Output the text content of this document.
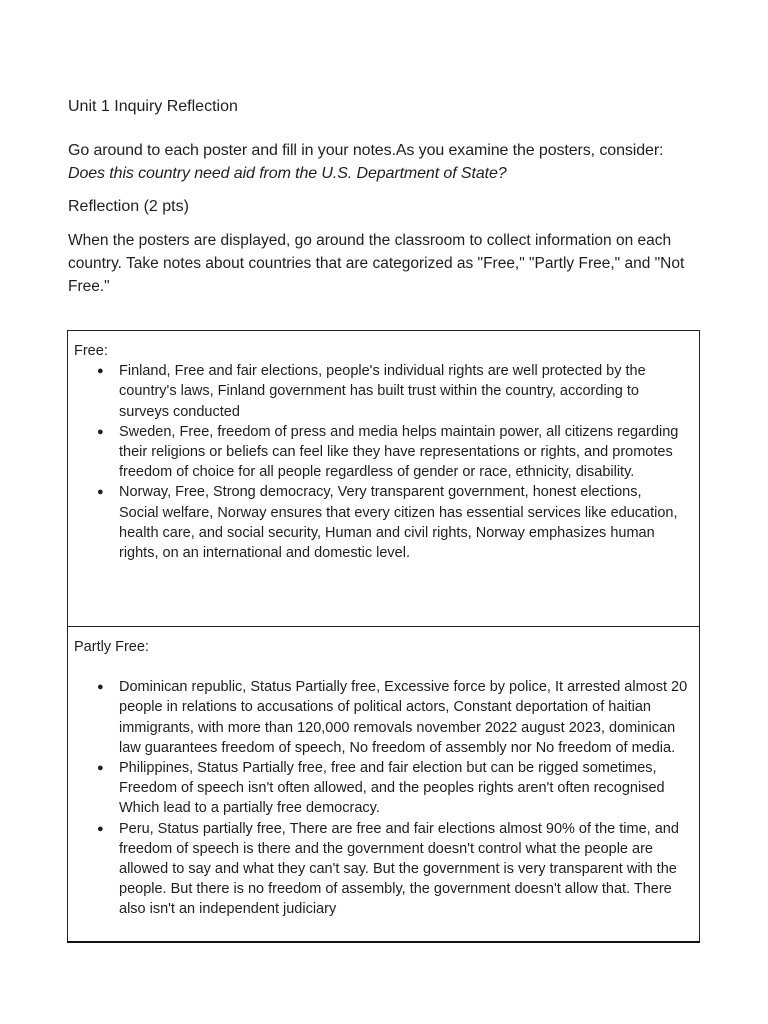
Unit 1 Inquiry Reflection
Go around to each poster and fill in your notes.As you examine the posters, consider:
Does this country need aid from the U.S. Department of State?
Reflection (2 pts)
When the posters are displayed, go around the classroom to collect information on each country. Take notes about countries that are categorized as "Free," "Partly Free," and "Not Free."
Free:
● Finland, Free and fair elections, people's individual rights are well protected by the country's laws, Finland government has built trust within the country, according to surveys conducted
● Sweden, Free, freedom of press and media helps maintain power, all citizens regarding their religions or beliefs can feel like they have representations or rights, and promotes freedom of choice for all people regardless of gender or race, ethnicity, disability.
● Norway, Free, Strong democracy, Very transparent government, honest elections,
Social welfare, Norway ensures that every citizen has essential services like education, health care, and social security, Human and civil rights, Norway emphasizes human rights, on an international and domestic level.

Partly Free:
● Dominican republic, Status Partially free, Excessive force by police, It arrested almost 20 people in relations to accusations of political actors, Constant deportation of haitian immigrants, with more than 120,000 removals november 2022 august 2023, dominican law guarantees freedom of speech, No freedom of assembly nor No freedom of media.
● Philippines, Status Partially free, free and fair election but can be rigged sometimes, Freedom of speech isn't often allowed, and the peoples rights aren't often recognised Which lead to a partially free democracy.
● Peru, Status partially free, There are free and fair elections almost 90% of the time, and freedom of speech is there and the government doesn't control what the people are allowed to say and what they can't say. But the government is very transparent with the people. But there is no freedom of assembly, the government doesn't allow that. There also isn't an independent judiciary
